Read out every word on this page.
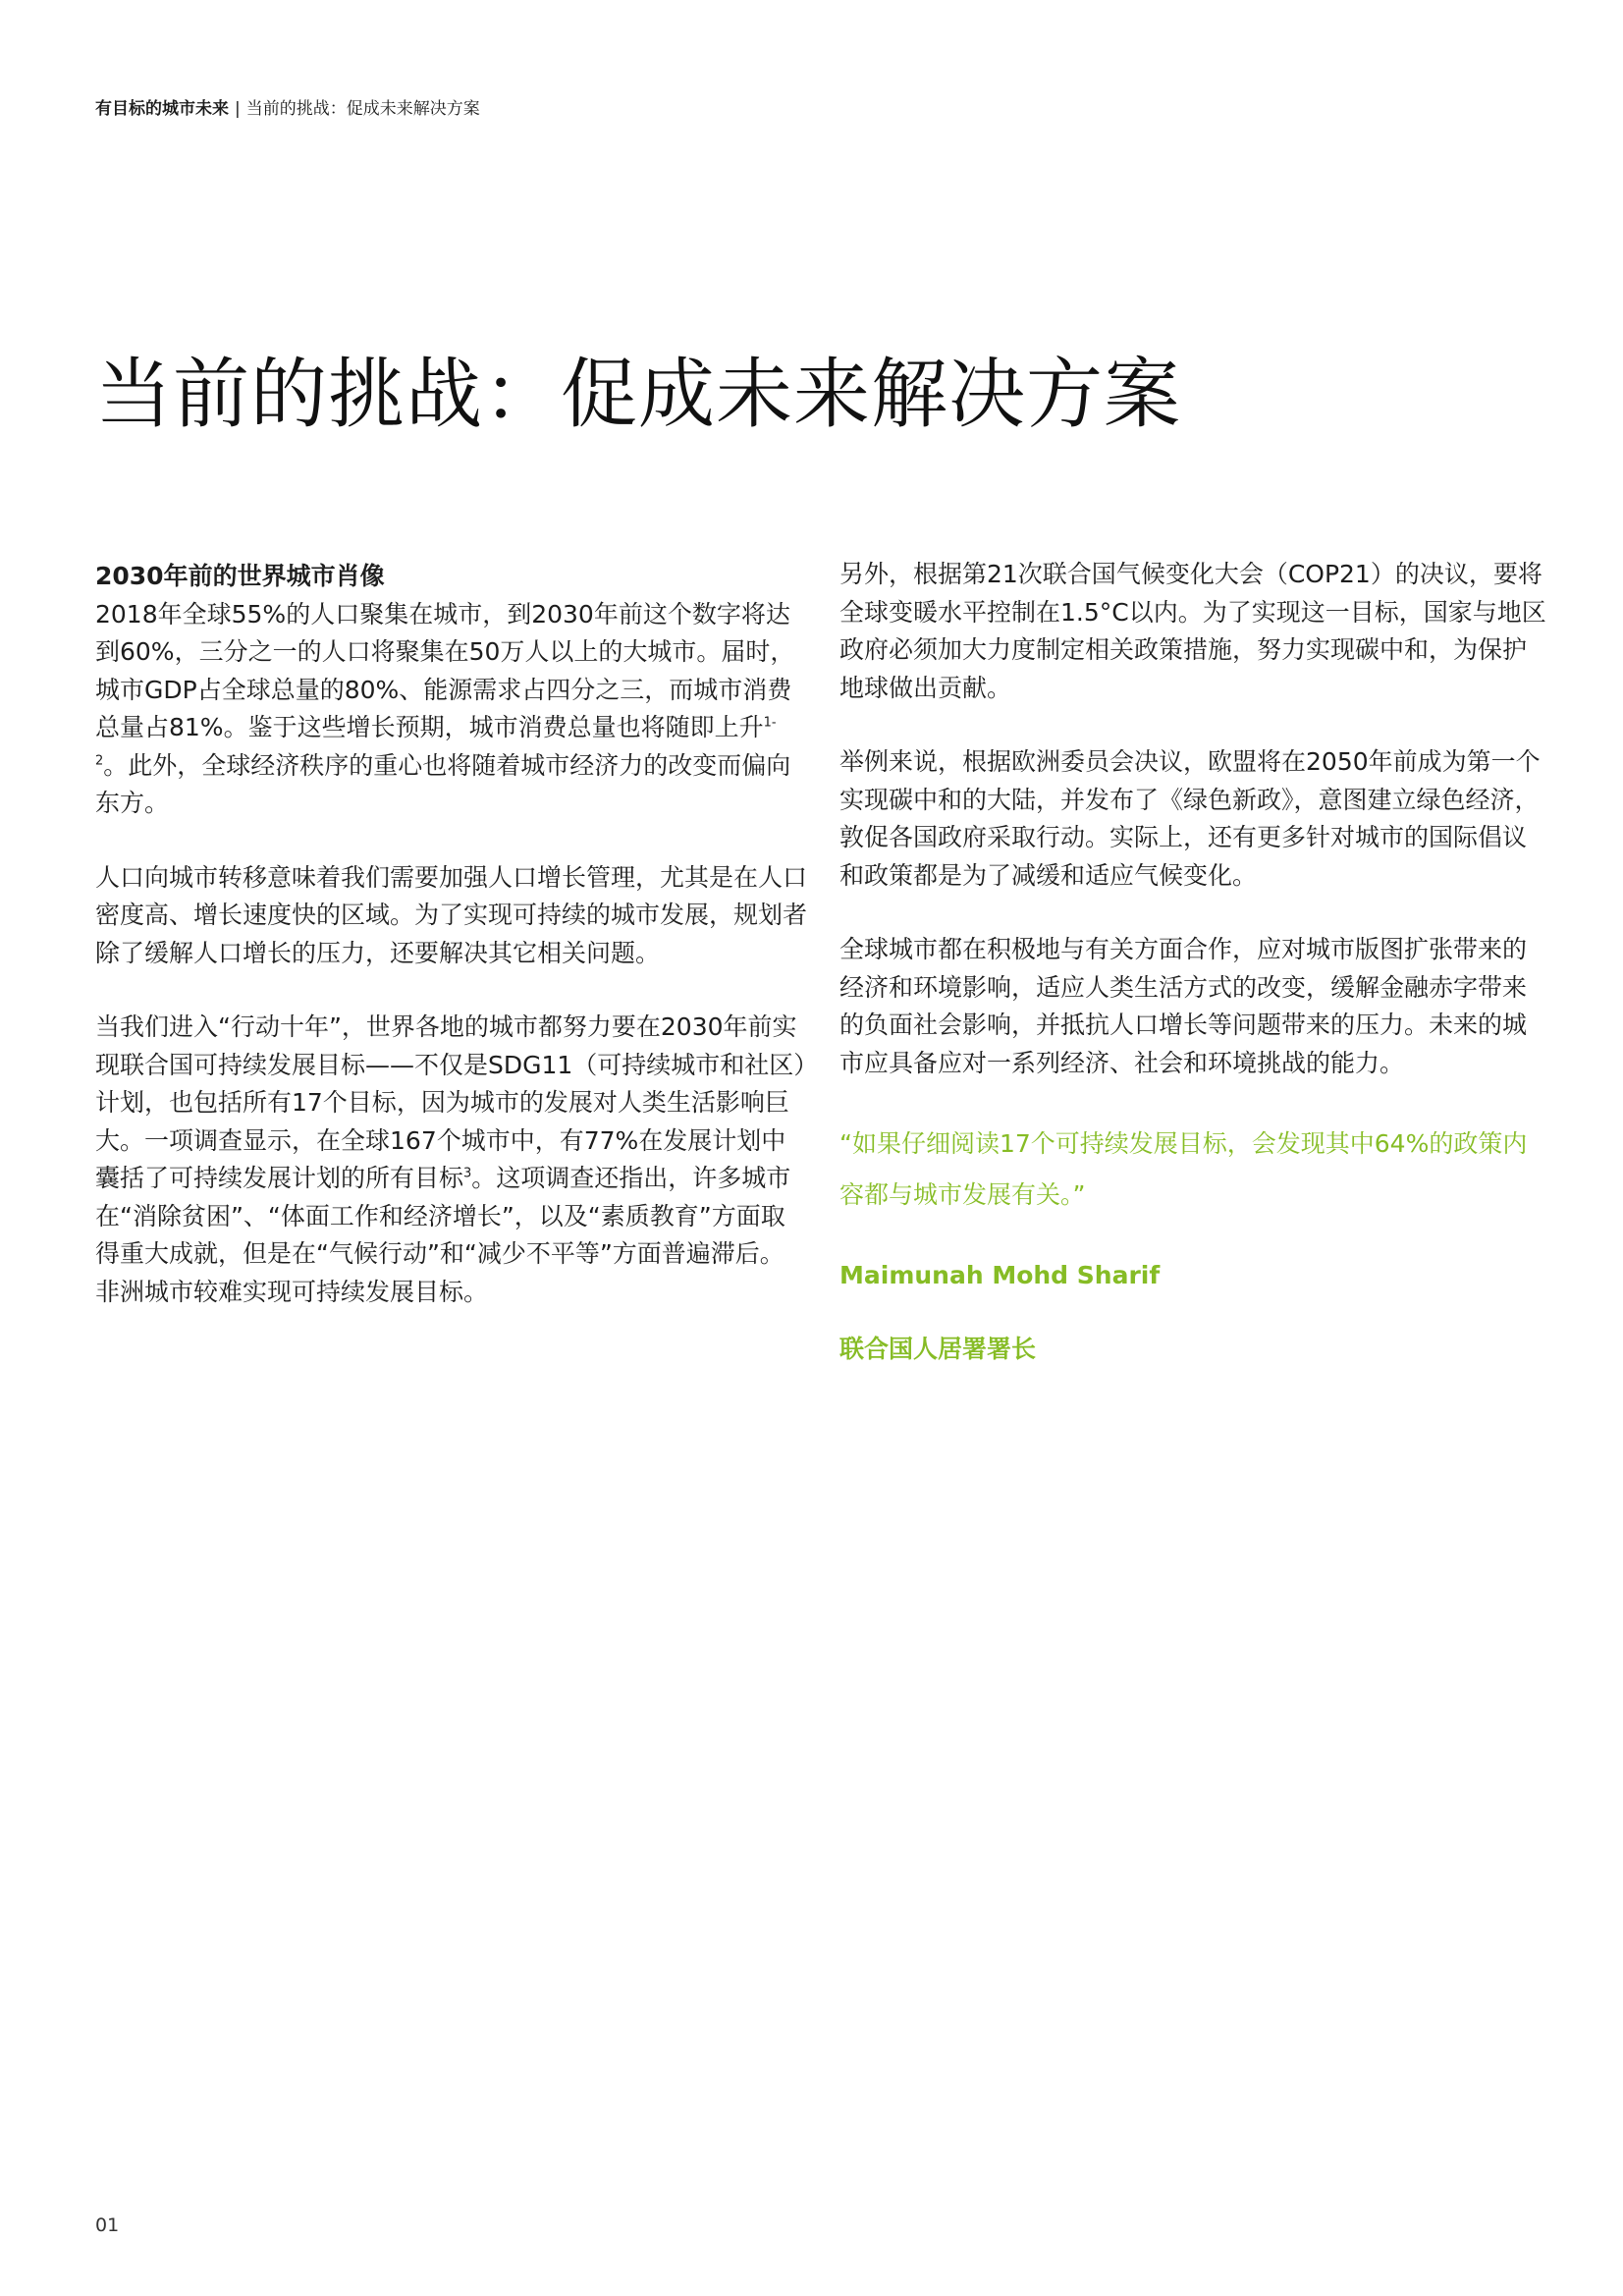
有目标的城市未来 | 当前的挑战：促成未来解决方案
当前的挑战：促成未来解决方案

2030年前的世界城市肖像

2018年全球55%的人口聚集在城市，到2030年前这个数字将达到60%，三分之一的人口将聚集在50万人以上的大城市。届时，城市GDP占全球总量的80%、能源需求占四分之三，而城市消费总量占81%。鉴于这些增长预期，城市消费总量也将随即上升$^{1-2}$。此外，全球经济秩序的重心也将随着城市经济力的改变而偏向东方。

人口向城市转移意味着我们需要加强人口增长管理，尤其是在人口密度高、增长速度快的区域。为了实现可持续的城市发展，规划者除了缓解人口增长的压力，还要解决其它相关问题。

当我们进入“行动十年”，世界各地的城市都努力要在2030年前实现联合国可持续发展目标——不仅是SDG11（可持续城市和社区）计划，也包括所有17个目标，因为城市的发展对人类生活影响巨大。一项调查显示，在全球167个城市中，有77%在发展计划中囊括了可持续发展计划的所有目标$^3$。这项调查还指出，许多城市在“消除贫困”、“体面工作和经济增长”，以及“素质教育”方面取得重大成就，但是在“气候行动”和“减少不平等”方面普遍滞后。非洲城市较难实现可持续发展目标。

另外，根据第21次联合国气候变化大会（COP21）的决议，要将全球变暖水平控制在1.5°C以内。为了实现这一目标，国家与地区政府必须加大力度制定相关政策措施，努力实现碳中和，为保护地球做出贡献。

举例来说，根据欧洲委员会决议，欧盟将在2050年前成为第一个实现碳中和的大陆，并发布了《绿色新政》，意图建立绿色经济，敦促各国政府采取行动。实际上，还有更多针对城市的国际倡议和政策都是为了减缓和适应气候变化。

全球城市都在积极地与有关方面合作，应对城市版图扩张带来的经济和环境影响，适应人类生活方式的改变，缓解金融赤字带来的负面社会影响，并抵抗人口增长等问题带来的压力。未来的城市应具备应对一系列经济、社会和环境挑战的能力。

“如果仔细阅读17个可持续发展目标，会发现其中64%的政策内容都与城市发展有关。”

Maimunah Mohd Sharif

联合国人居署署长

01
